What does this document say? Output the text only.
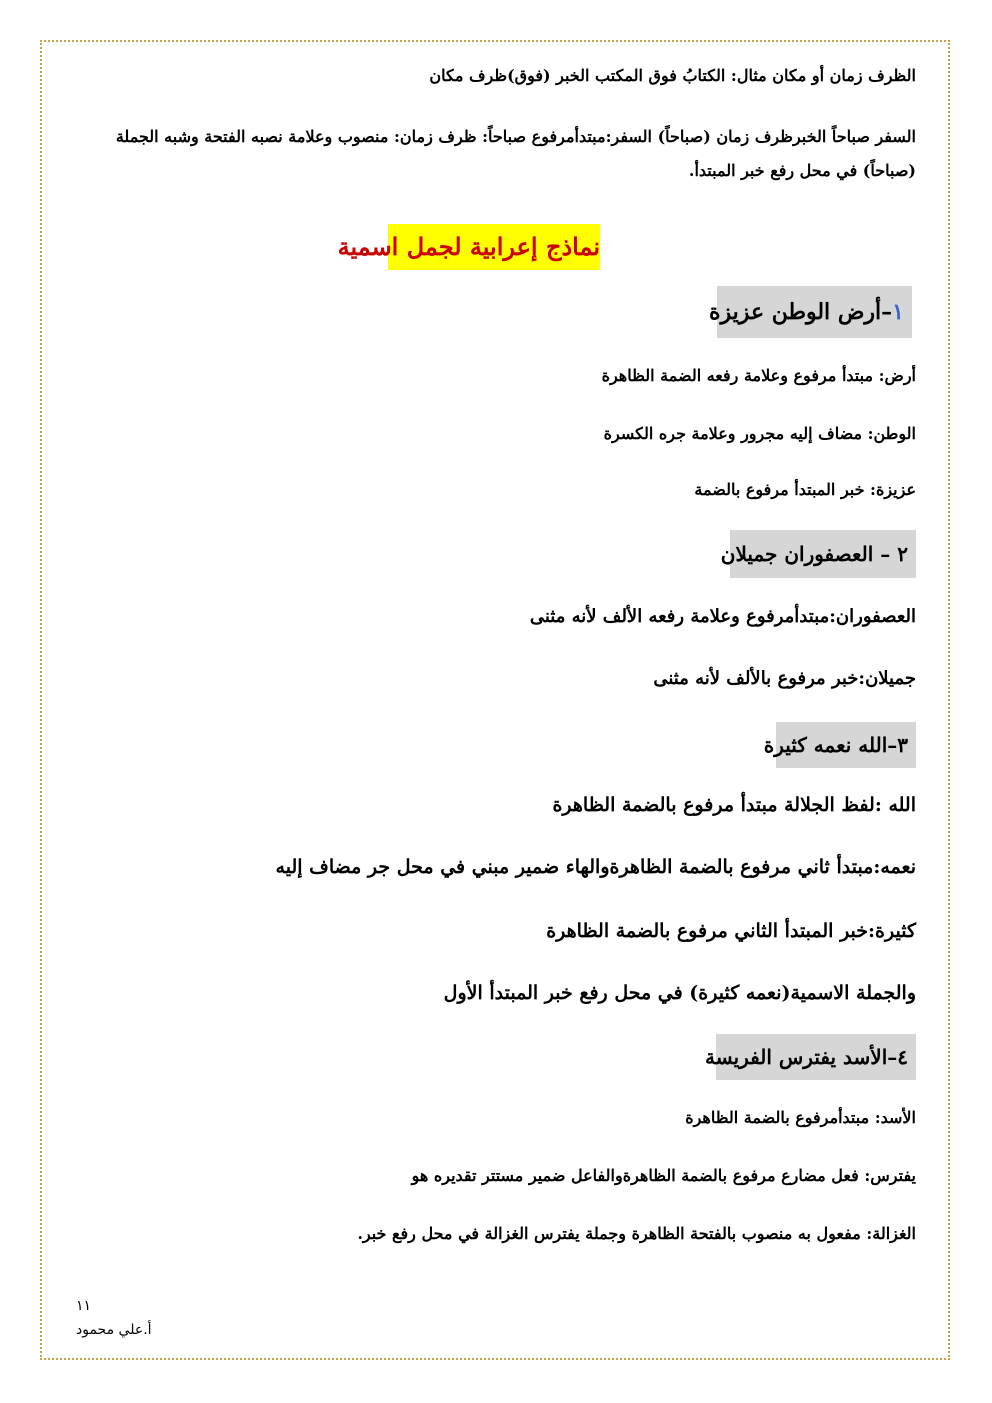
الظرف زمان أو مكان مثال: الكتابُ فوق المكتب الخبر (فوق)ظرف مكان

السفر صباحاً الخبرظرف زمان (صباحاً) السفر:مبتدأمرفوع صباحاً: ظرف زمان: منصوب وعلامة نصبه الفتحة وشبه الجملة (صباحاً) في محل رفع خبر المبتدأ.

نماذج إعرابية لجمل اسمية
١–أرض الوطن عزيزة

أرض: مبتدأ مرفوع وعلامة رفعه الضمة الظاهرة

الوطن: مضاف إليه مجرور وعلامة جره الكسرة

عزيزة: خبر المبتدأ مرفوع بالضمة

٢ – العصفوران جميلان

العصفوران:مبتدأمرفوع وعلامة رفعه الألف لأنه مثنى

جميلان:خبر مرفوع بالألف لأنه مثنى

٣–الله نعمه كثيرة

الله :لفظ الجلالة مبتدأ مرفوع بالضمة الظاهرة

نعمه:مبتدأ ثاني مرفوع بالضمة الظاهرةوالهاء ضمير مبني في محل جر مضاف إليه

كثيرة:خبر المبتدأ الثاني مرفوع بالضمة الظاهرة

والجملة الاسمية(نعمه كثيرة) في محل رفع خبر المبتدأ الأول

٤–الأسد يفترس الفريسة

الأسد: مبتدأمرفوع بالضمة الظاهرة

يفترس: فعل مضارع مرفوع بالضمة الظاهرةوالفاعل ضمير مستتر تقديره هو

الغزالة: مفعول به منصوب بالفتحة الظاهرة وجملة يفترس الغزالة في محل رفع خبر.

١١
أ.علي محمود
